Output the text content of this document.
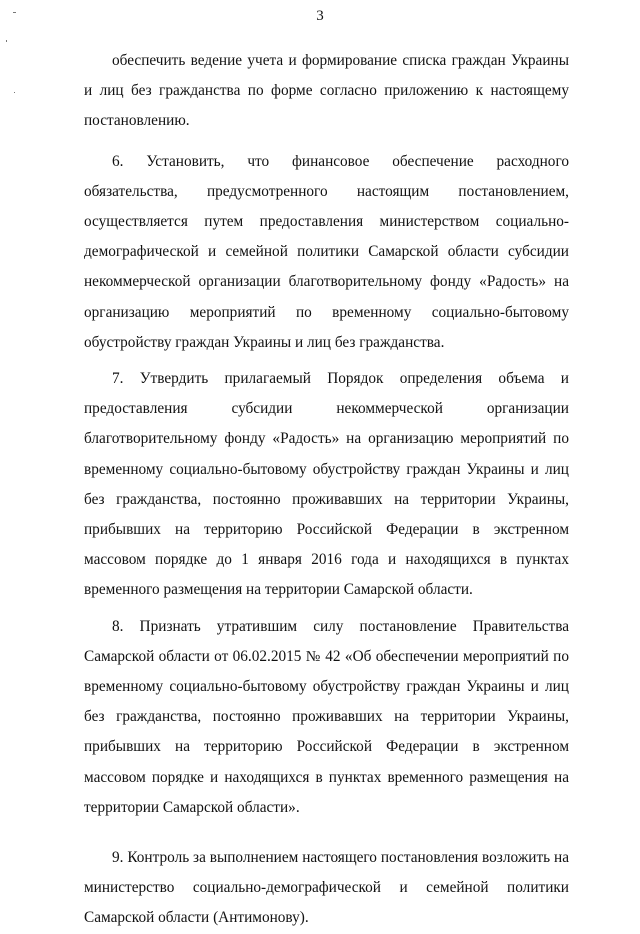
3

обеспечить ведение учета и формирование списка граждан Украины и лиц без гражданства по форме согласно приложению к настоящему постановлению.

6. Установить, что финансовое обеспечение расходного обязательства, предусмотренного настоящим постановлением, осуществляется путем предоставления министерством социально-демографической и семейной политики Самарской области субсидии некоммерческой организации благотворительному фонду «Радость» на организацию мероприятий по временному социально-бытовому обустройству граждан Украины и лиц без гражданства.

7. Утвердить прилагаемый Порядок определения объема и предоставления субсидии некоммерческой организации благотворительному фонду «Радость» на организацию мероприятий по временному социально-бытовому обустройству граждан Украины и лиц без гражданства, постоянно проживавших на территории Украины, прибывших на территорию Российской Федерации в экстренном массовом порядке до 1 января 2016 года и находящихся в пунктах временного размещения на территории Самарской области.

8. Признать утратившим силу постановление Правительства Самарской области от 06.02.2015 № 42 «Об обеспечении мероприятий по временному социально-бытовому обустройству граждан Украины и лиц без гражданства, постоянно проживавших на территории Украины, прибывших на территорию Российской Федерации в экстренном массовом порядке и находящихся в пунктах временного размещения на территории Самарской области».

9. Контроль за выполнением настоящего постановления возложить на министерство социально-демографической и семейной политики Самарской области (Антимонову).
